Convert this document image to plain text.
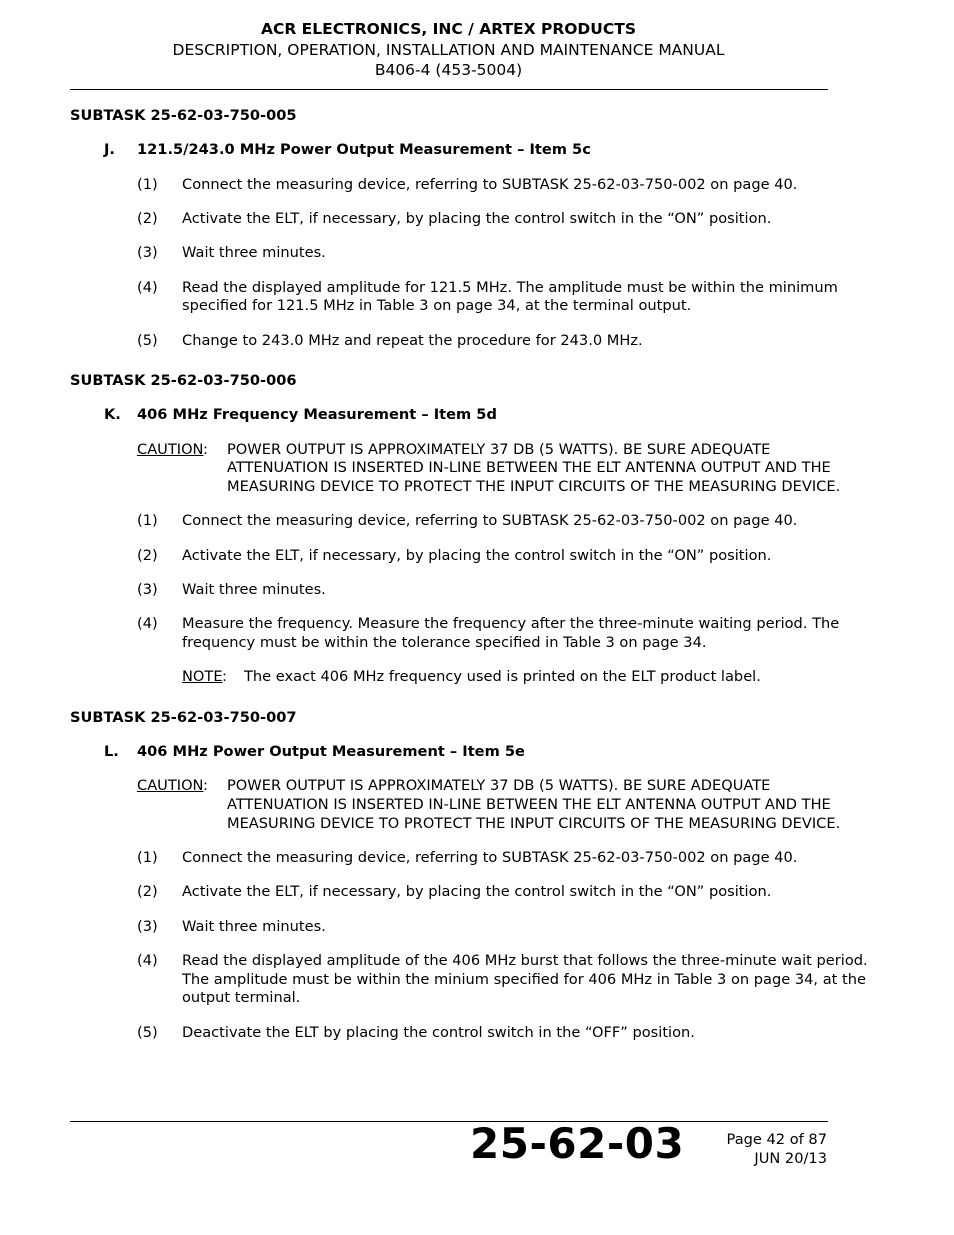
ACR ELECTRONICS, INC / ARTEX PRODUCTS
DESCRIPTION, OPERATION, INSTALLATION AND MAINTENANCE MANUAL
B406-4 (453-5004)
SUBTASK 25-62-03-750-005
J. 121.5/243.0 MHz Power Output Measurement – Item 5c
(1) Connect the measuring device, referring to SUBTASK 25-62-03-750-002 on page 40.
(2) Activate the ELT, if necessary, by placing the control switch in the “ON” position.
(3) Wait three minutes.
(4) Read the displayed amplitude for 121.5 MHz. The amplitude must be within the minimum
specified for 121.5 MHz in Table 3 on page 34, at the terminal output.
(5) Change to 243.0 MHz and repeat the procedure for 243.0 MHz.
SUBTASK 25-62-03-750-006
K. 406 MHz Frequency Measurement – Item 5d
CAUTION : POWER OUTPUT IS APPROXIMATELY 37 DB (5 WATTS). BE SURE ADEQUATE
ATTENUATION IS INSERTED IN-LINE BETWEEN THE ELT ANTENNA OUTPUT AND THE
MEASURING DEVICE TO PROTECT THE INPUT CIRCUITS OF THE MEASURING DEVICE.
(1) Connect the measuring device, referring to SUBTASK 25-62-03-750-002 on page 40.
(2) Activate the ELT, if necessary, by placing the control switch in the “ON” position.
(3) Wait three minutes.
(4) Measure the frequency. Measure the frequency after the three-minute waiting period. The
frequency must be within the tolerance specified in Table 3 on page 34.
NOTE : The exact 406 MHz frequency used is printed on the ELT product label.
SUBTASK 25-62-03-750-007
L. 406 MHz Power Output Measurement – Item 5e
CAUTION : POWER OUTPUT IS APPROXIMATELY 37 DB (5 WATTS). BE SURE ADEQUATE
ATTENUATION IS INSERTED IN-LINE BETWEEN THE ELT ANTENNA OUTPUT AND THE
MEASURING DEVICE TO PROTECT THE INPUT CIRCUITS OF THE MEASURING DEVICE.
(1) Connect the measuring device, referring to SUBTASK 25-62-03-750-002 on page 40.
(2) Activate the ELT, if necessary, by placing the control switch in the “ON” position.
(3) Wait three minutes.
(4) Read the displayed amplitude of the 406 MHz burst that follows the three-minute wait period.
The amplitude must be within the minium specified for 406 MHz in Table 3 on page 34, at the
output terminal.
(5) Deactivate the ELT by placing the control switch in the “OFF” position.
25-62-03	Page 42 of 87
JUN 20/13
